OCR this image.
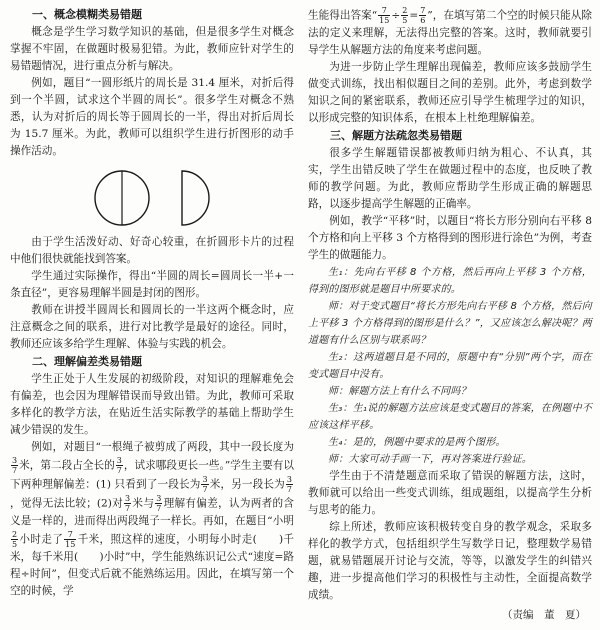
一、概念模糊类易错题

概念是学生学习数学知识的基础，但是很多学生对概念掌握不牢固，在做题时极易犯错。为此，教师应针对学生的易错题情况，进行重点分析与解决。

例如，题目“一圆形纸片的周长是 31.4 厘米，对折后得到一个半圆，试求这个半圆的周长”。很多学生对概念不熟悉，认为对折后的周长等于圆周长的一半，得出对折后周长为 15.7 厘米。为此，教师可以组织学生进行折图形的动手操作活动。

由于学生活泼好动、好奇心较重，在折圆形卡片的过程中他们很快就能找到答案。

学生通过实际操作，得出“半圆的周长=圆周长一半+一条直径”，更容易理解半圆是封闭的图形。

教师在讲授半圆周长和圆周长的一半这两个概念时，应注意概念之间的联系，进行对比教学是最好的途径。同时，教师还应该多给学生理解、体验与实践的机会。

二、理解偏差类易错题

学生正处于人生发展的初级阶段，对知识的理解难免会有偏差，也会因为理解错误而导致出错。为此，教师可采取多样化的教学方法，在贴近生活实际教学的基础上帮助学生减少错误的发生。

例如，对题目“一根绳子被剪成了两段，其中一段长度为
$\frac{3}{7}$ 米，第二段占全长的 $\frac{3}{7}$ ，试求哪段更长一些。”学生主要有以下两种理解偏差：(1) 只看到了一段长为 $\frac{3}{7}$ 米，另一段长为 $\frac{3}{7}$
，觉得无法比较；(2)对 $\frac{3}{7}$ 米与 $\frac{3}{7}$ 理解有偏差，认为两者的含义是一样的，进而得出两段绳子一样长。再如，在题目“小明
$\frac{2}{5}$ 小时走了 $\frac{7}{15}$ 千米，照这样的速度，小明每小时走(　　)千米，每千米用(　　)小时”中，学生能熟练识记公式“速度=路程÷时间”，但变式后就不能熟练运用。因此，在填写第一个空的时候，学

生能得出答案“ $\frac{7}{15} \div \frac{2}{5} = \frac{7}{6}$ ”，在填写第二个空的时候只能从除法的定义来理解，无法得出完整的答案。这时，教师就要引导学生从解题方法的角度来考虑问题。

为进一步防止学生理解出现偏差，教师应该多鼓励学生做变式训练，找出相似题目之间的差别。此外，考虑到数学知识之间的紧密联系，教师还应引导学生梳理学过的知识，以形成完整的知识体系，在根本上杜绝理解偏差。

三、解题方法疏忽类易错题

很多学生解题错误都被教师归纳为粗心、不认真，其实，学生出错反映了学生在做题过程中的态度，也反映了教师的教学问题。为此，教师应帮助学生形成正确的解题思路，以逐步提高学生解题的正确率。

例如，教学“平移”时，以题目“将长方形分别向右平移 8 个方格和向上平移 3 个方格得到的图形进行涂色”为例，考查学生的做题能力。

生₁：先向右平移 8 个方格，然后再向上平移 3 个方格，得到的图形就是题目中所要求的。

师：对于变式题目“将长方形先向右平移 8 个方格，然后向上平移 3 个方格得到的图形是什么？”，又应该怎么解决呢？两道题有什么区别与联系吗？

生₂：这两道题目是不同的，原题中有“分别”两个字，而在变式题目中没有。

师：解题方法上有什么不同吗？

生₃：生₁说的解题方法应该是变式题目的答案，在例题中不应该这样平移。

生₄：是的，例题中要求的是两个图形。

师：大家可动手画一下，再对答案进行验证。

学生由于不清楚题意而采取了错误的解题方法，这时，教师就可以给出一些变式训练，组成题组，以提高学生分析与思考的能力。

综上所述，教师应该积极转变自身的教学观念，采取多样化的教学方式，包括组织学生写数学日记，整理数学易错题，就易错题展开讨论与交流，等等，以激发学生的纠错兴趣，进一步提高他们学习的积极性与主动性，全面提高数学成绩。

（责编　董　夏）
